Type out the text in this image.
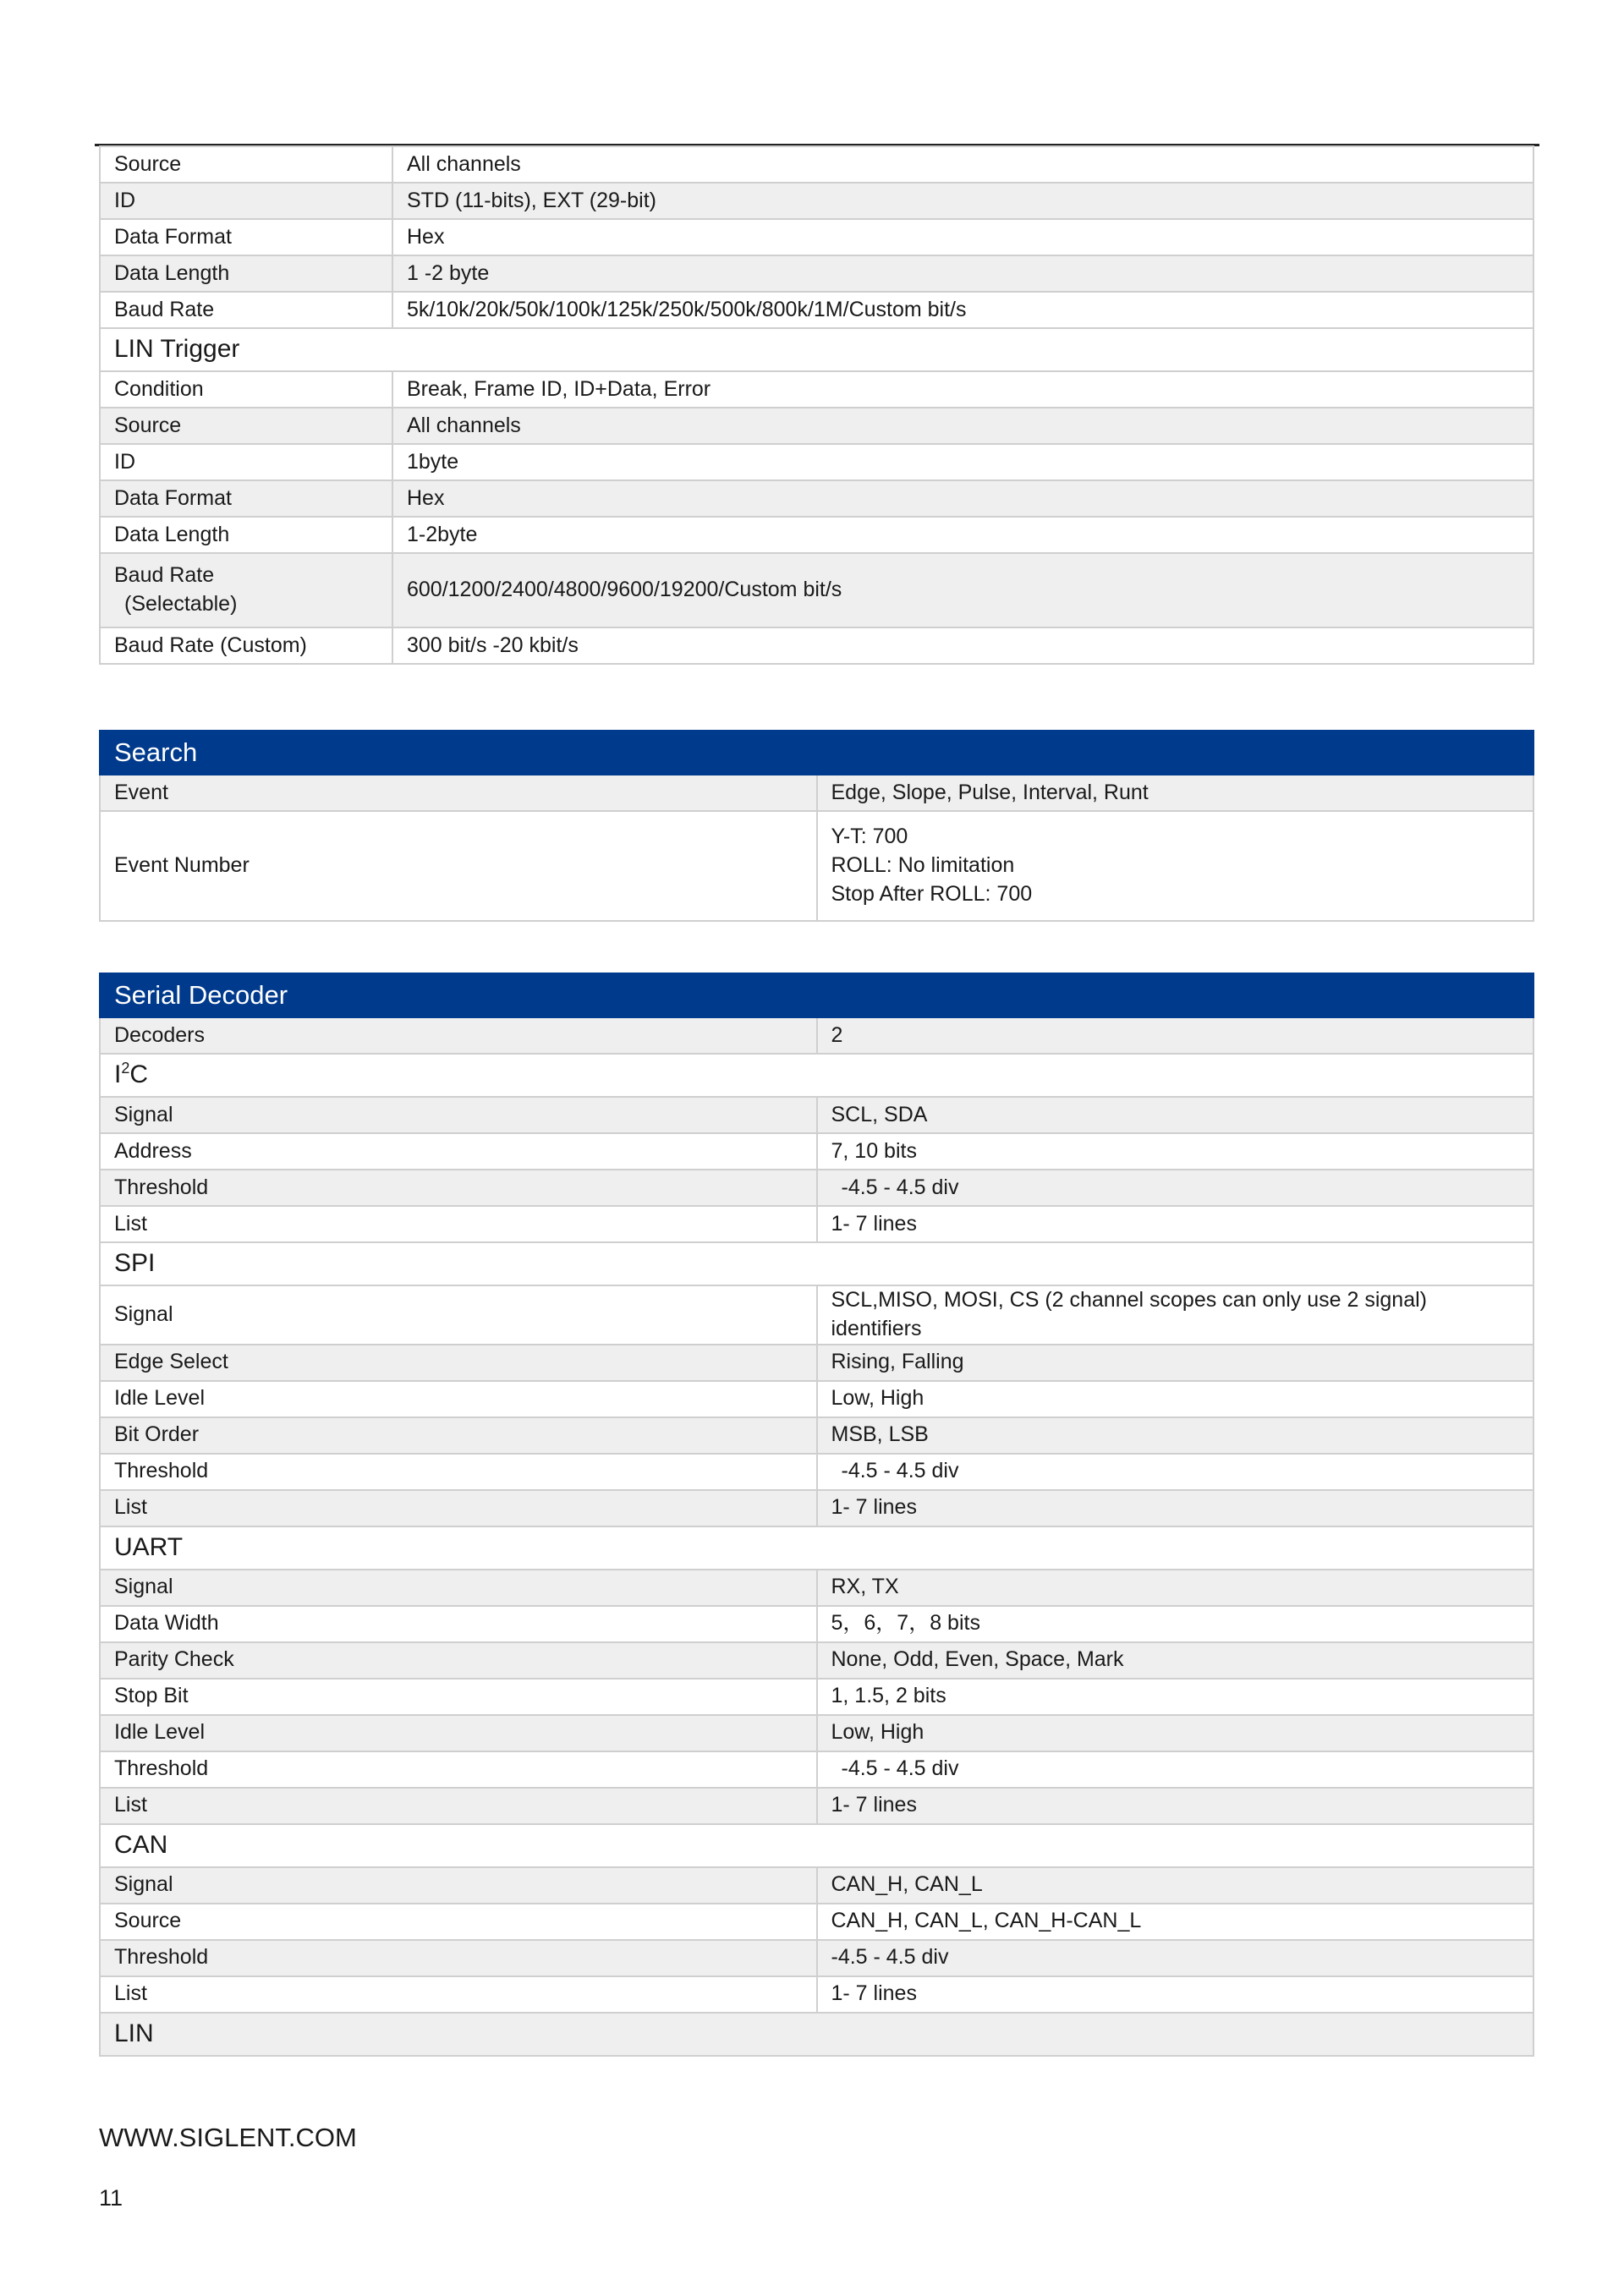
Source	All channels
ID	STD (11-bits), EXT (29-bit)
Data Format	Hex
Data Length	1 -2 byte
Baud Rate	5k/10k/20k/50k/100k/125k/250k/500k/800k/1M/Custom bit/s
LIN Trigger	
Condition	Break, Frame ID, ID+Data, Error
Source	All channels
ID	1byte
Data Format	Hex
Data Length	1-2byte

Baud Rate
(Selectable)	600/1200/2400/4800/9600/19200/Custom bit/s
Baud Rate (Custom)	300 bit/s -20 kbit/s
Search	
Event	Edge, Slope, Pulse, Interval, Runt
Event Number	Y-T: 700
ROLL: No limitation
Stop After ROLL: 700
Serial Decoder	
Decoders	2
$I^2C$	
Signal	SCL, SDA
Address	7, 10 bits
Threshold	-4.5 - 4.5 div
List	1- 7 lines
SPI	
Signal	SCL,MISO, MOSI, CS (2 channel scopes can only use 2 signal) identifiers
Edge Select	Rising, Falling
Idle Level	Low, High
Bit Order	MSB, LSB
Threshold	-4.5 - 4.5 div
List	1- 7 lines
UART	
Signal	RX, TX
Data Width	5，6，7，8 bits
Parity Check	None, Odd, Even, Space, Mark
Stop Bit	1, 1.5, 2 bits
Idle Level	Low, High
Threshold	-4.5 - 4.5 div
List	1- 7 lines
CAN	
Signal	CAN_H, CAN_L
Source	CAN_H, CAN_L, CAN_H-CAN_L
Threshold	-4.5 - 4.5 div
List	1- 7 lines
LIN	
WWW.SIGLENT.COM
11
